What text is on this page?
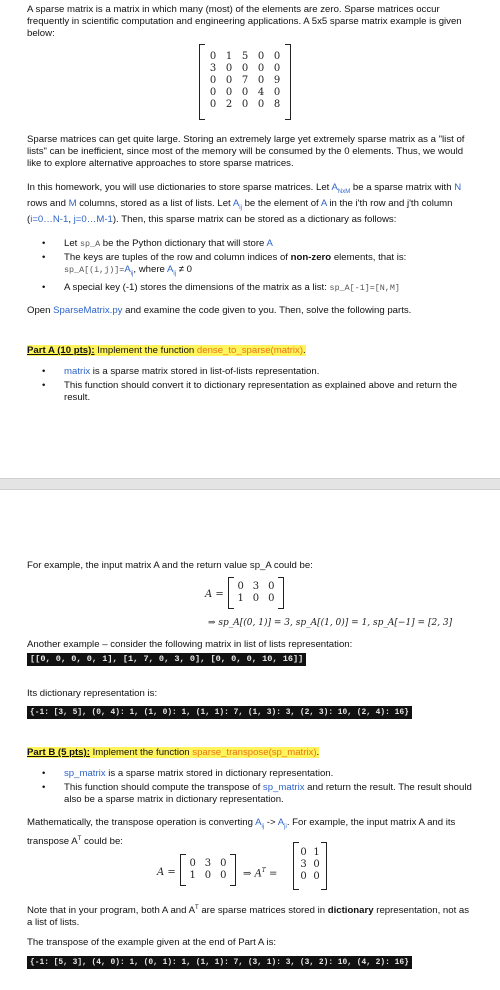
A sparse matrix is a matrix in which many (most) of the elements are zero. Sparse matrices occur frequently in scientific computation and engineering applications. A 5x5 sparse matrix example is given below:

0 1 5 0 0
3 0 0 0 0
0 0 7 0 9
0 0 0 4 0
0 2 0 0 8

Sparse matrices can get quite large. Storing an extremely large yet extremely sparse matrix as a "list of lists" can be inefficient, since most of the memory will be consumed by the 0 elements. Thus, we would like to explore alternative approaches to store sparse matrices.

In this homework, you will use dictionaries to store sparse matrices. Let $A_{NxM}$ be a sparse matrix with N rows and M columns, stored as a list of lists. Let $A_{ij}$ be the element of A in the i'th row and j'th column (i=0…N-1, j=0…M-1). Then, this sparse matrix can be stored as a dictionary as follows:

• Let sp_A be the Python dictionary that will store A
• The keys are tuples of the row and column indices of non-zero elements, that is: $sp\_A[(i,j)]=A_{ij}$, where $A_{ij} \ne 0$
• A special key (-1) stores the dimensions of the matrix as a list: sp_A[-1]=[N,M]

Open SparseMatrix.py and examine the code given to you. Then, solve the following parts.

Part A (10 pts): Implement the function dense_to_sparse(matrix).

• matrix is a sparse matrix stored in list-of-lists representation.
• This function should convert it to dictionary representation as explained above and return the result.

For example, the input matrix A and the return value sp_A could be:

A =
0 3 0
1 0 0
⇒ sp_A[(0, 1)] = 3, sp_A[(1, 0)] = 1, sp_A[−1] = [2, 3]

Another example – consider the following matrix in list of lists representation:

[[0, 0, 0, 0, 1], [1, 7, 0, 3, 0], [0, 0, 0, 10, 16]]

Its dictionary representation is:

{-1: [3, 5], (0, 4): 1, (1, 0): 1, (1, 1): 7, (1, 3): 3, (2, 3): 10, (2, 4): 16}

Part B (5 pts): Implement the function sparse_transpose(sp_matrix).

• sp_matrix is a sparse matrix stored in dictionary representation.
• This function should compute the transpose of sp_matrix and return the result. The result should also be a sparse matrix in dictionary representation.

Mathematically, the transpose operation is converting $A_{ij} -> A_{ji}$. For example, the input matrix A and its transpose $A^T$ could be:

A =
0 3 0
1 0 0 ⇒ $A^T$ =
0 1
3 0
0 0

Note that in your program, both A and $A^T$ are sparse matrices stored in dictionary representation, not as a list of lists.

The transpose of the example given at the end of Part A is:

{-1: [5, 3], (4, 0): 1, (0, 1): 1, (1, 1): 7, (3, 1): 3, (3, 2): 10, (4, 2): 16}
